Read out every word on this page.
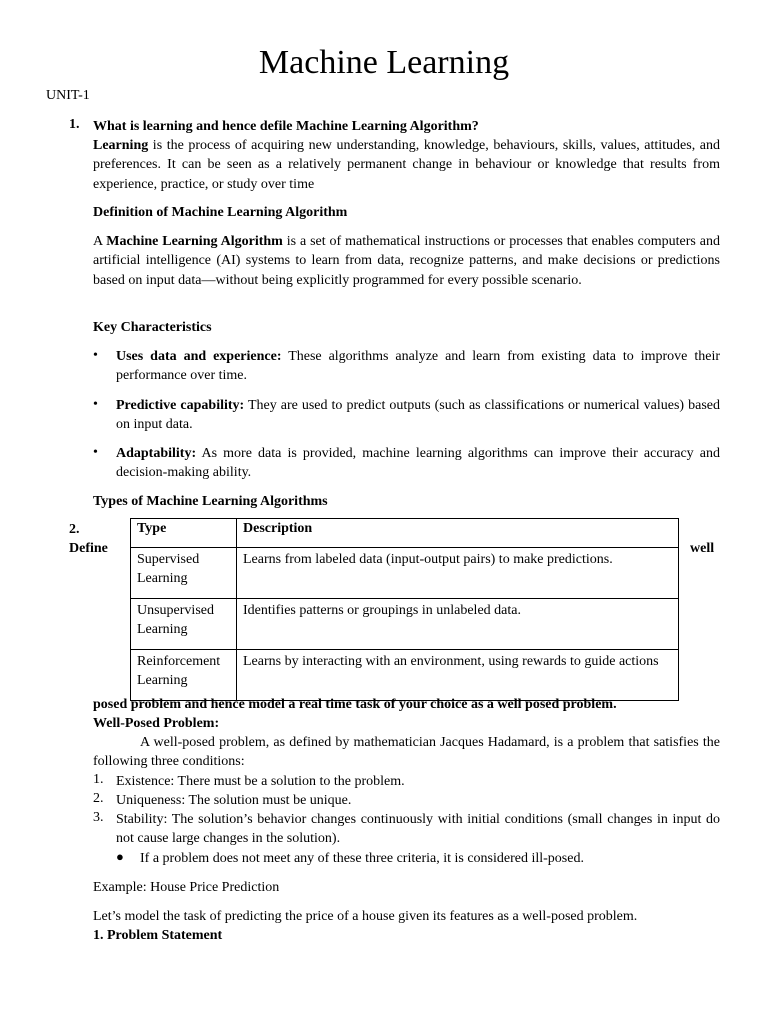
Machine Learning
UNIT-1
1. What is learning and hence defile Machine Learning Algorithm?
Learning is the process of acquiring new understanding, knowledge, behaviours, skills, values, attitudes, and preferences. It can be seen as a relatively permanent change in behaviour or knowledge that results from experience, practice, or study over time
Definition of Machine Learning Algorithm
A Machine Learning Algorithm is a set of mathematical instructions or processes that enables computers and artificial intelligence (AI) systems to learn from data, recognize patterns, and make decisions or predictions based on input data—without being explicitly programmed for every possible scenario.
Key Characteristics
• Uses data and experience: These algorithms analyze and learn from existing data to improve their performance over time.
• Predictive capability: They are used to predict outputs (such as classifications or numerical values) based on input data.
• Adaptability: As more data is provided, machine learning algorithms can improve their accuracy and decision-making ability.
Types of Machine Learning Algorithms
2.
Define	well
Type	Description
Supervised Learning	Learns from labeled data (input-output pairs) to make predictions.
Unsupervised Learning	Identifies patterns or groupings in unlabeled data.
Reinforcement Learning	Learns by interacting with an environment, using rewards to guide actions
posed problem and hence model a real time task of your choice as a well posed problem.
Well-Posed Problem:
A well-posed problem, as defined by mathematician Jacques Hadamard, is a problem that satisfies the following three conditions:
1. Existence: There must be a solution to the problem.
2. Uniqueness: The solution must be unique.
3. Stability: The solution’s behavior changes continuously with initial conditions (small changes in input do not cause large changes in the solution).
● If a problem does not meet any of these three criteria, it is considered ill-posed.
Example: House Price Prediction
Let’s model the task of predicting the price of a house given its features as a well-posed problem.
1. Problem Statement
